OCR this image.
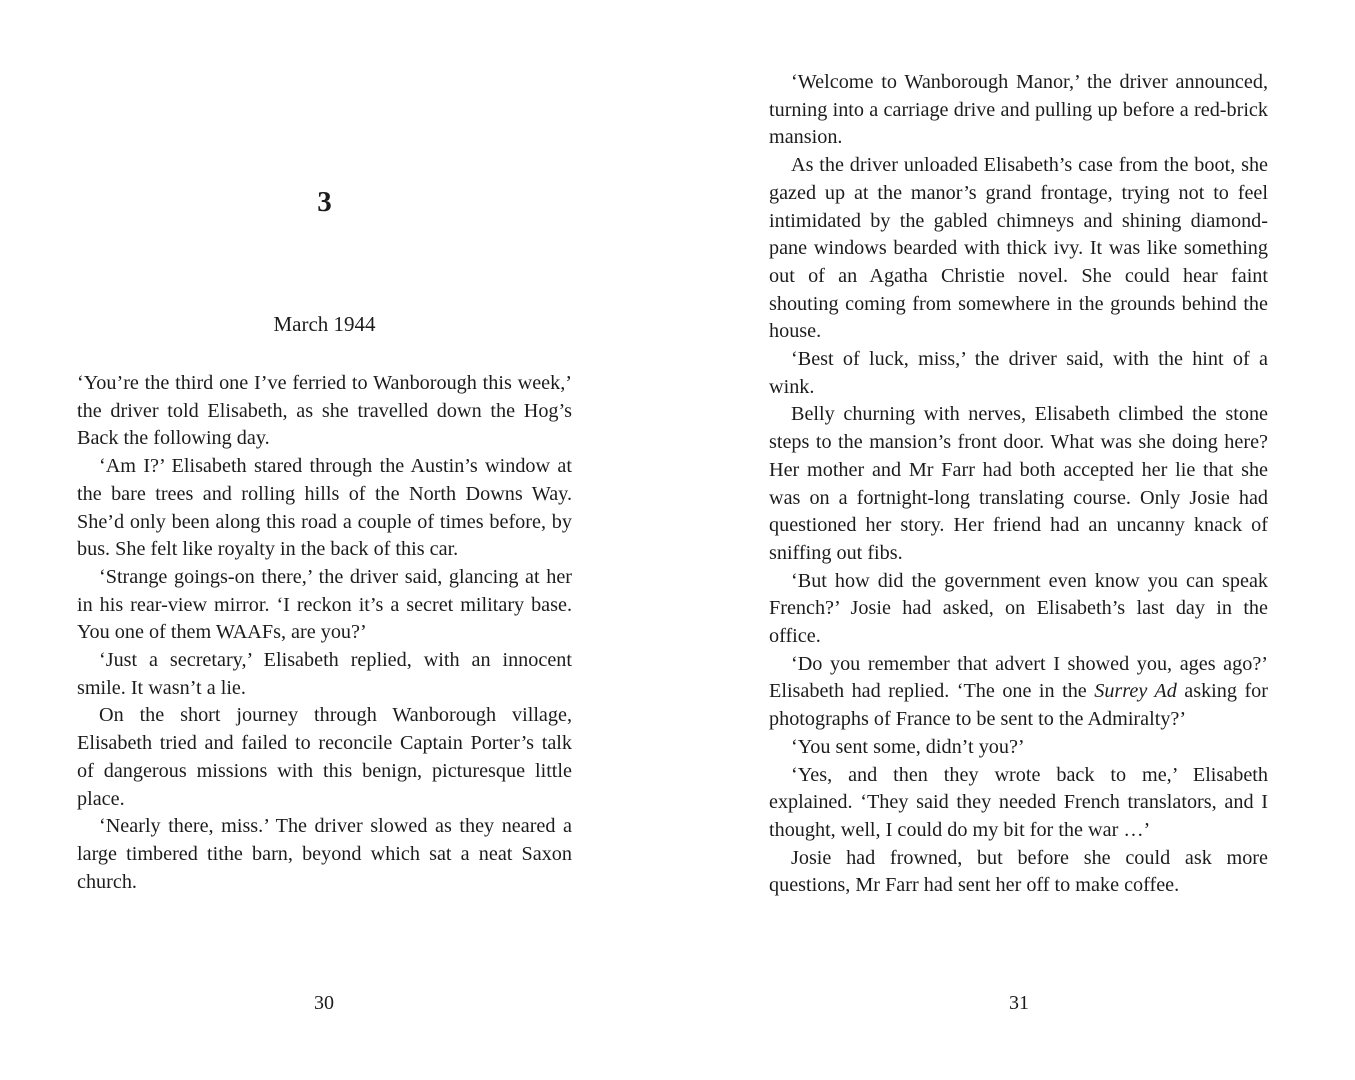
3
March 1944

‘You’re the third one I’ve ferried to Wanborough this week,’ the driver told Elisabeth, as she travelled down the Hog’s Back the following day.

‘Am I?’ Elisabeth stared through the Austin’s window at the bare trees and rolling hills of the North Downs Way. She’d only been along this road a couple of times before, by bus. She felt like royalty in the back of this car.

‘Strange goings-on there,’ the driver said, glancing at her in his rear-view mirror. ‘I reckon it’s a secret military base. You one of them WAAFs, are you?’

‘Just a secretary,’ Elisabeth replied, with an innocent smile. It wasn’t a lie.

On the short journey through Wanborough village, Elisabeth tried and failed to reconcile Captain Porter’s talk of dangerous missions with this benign, picturesque little place.

‘Nearly there, miss.’ The driver slowed as they neared a large timbered tithe barn, beyond which sat a neat Saxon church.

30

‘Welcome to Wanborough Manor,’ the driver announced, turning into a carriage drive and pulling up before a red-brick mansion.

As the driver unloaded Elisabeth’s case from the boot, she gazed up at the manor’s grand frontage, trying not to feel intimidated by the gabled chimneys and shining diamond-pane windows bearded with thick ivy. It was like something out of an Agatha Christie novel. She could hear faint shouting coming from somewhere in the grounds behind the house.

‘Best of luck, miss,’ the driver said, with the hint of a wink.

Belly churning with nerves, Elisabeth climbed the stone steps to the mansion’s front door. What was she doing here? Her mother and Mr Farr had both accepted her lie that she was on a fortnight-long translating course. Only Josie had questioned her story. Her friend had an uncanny knack of sniffing out fibs.

‘But how did the government even know you can speak French?’ Josie had asked, on Elisabeth’s last day in the office.

‘Do you remember that advert I showed you, ages ago?’ Elisabeth had replied. ‘The one in the Surrey Ad asking for photographs of France to be sent to the Admiralty?’

‘You sent some, didn’t you?’

‘Yes, and then they wrote back to me,’ Elisabeth explained. ‘They said they needed French translators, and I thought, well, I could do my bit for the war …’

Josie had frowned, but before she could ask more questions, Mr Farr had sent her off to make coffee.

31
